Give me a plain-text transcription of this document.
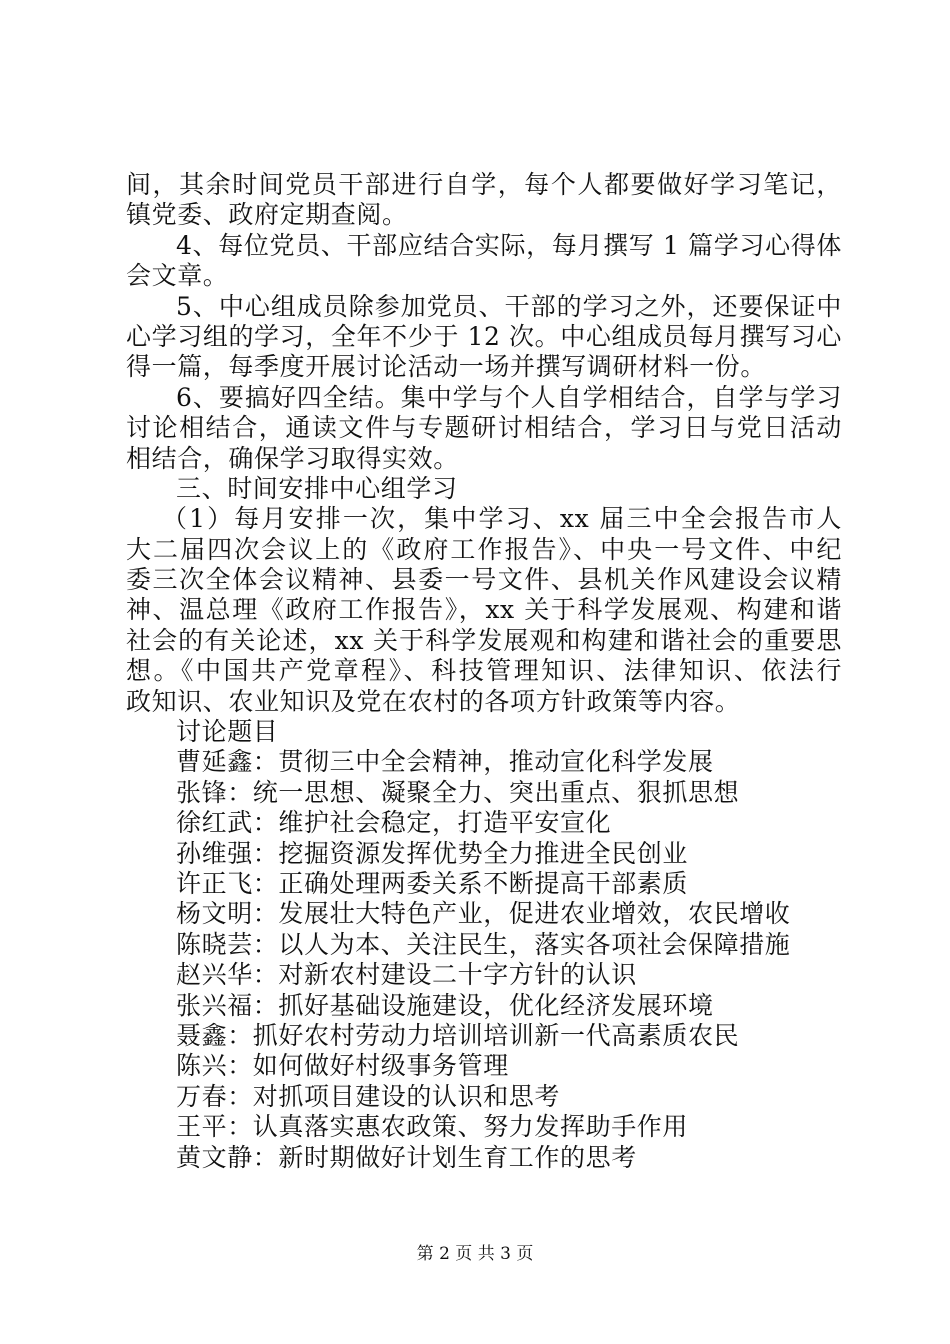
间，其余时间党员干部进行自学，每个人都要做好学习笔记，
镇党委、政府定期查阅。
4、每位党员、干部应结合实际，每月撰写 1 篇学习心得体
会文章。
5、中心组成员除参加党员、干部的学习之外，还要保证中
心学习组的学习，全年不少于 12 次。中心组成员每月撰写习心
得一篇，每季度开展讨论活动一场并撰写调研材料一份。
6、要搞好四全结。集中学与个人自学相结合，自学与学习
讨论相结合，通读文件与专题研讨相结合，学习日与党日活动
相结合，确保学习取得实效。
三、时间安排中心组学习
（1）每月安排一次，集中学习、xx 届三中全会报告市人
大二届四次会议上的《政府工作报告》、中央一号文件、中纪
委三次全体会议精神、县委一号文件、县机关作风建设会议精
神、温总理《政府工作报告》，xx 关于科学发展观、构建和谐
社会的有关论述，xx 关于科学发展观和构建和谐社会的重要思
想。《中国共产党章程》、科技管理知识、法律知识、依法行
政知识、农业知识及党在农村的各项方针政策等内容。
讨论题目
曹延鑫：贯彻三中全会精神，推动宣化科学发展
张锋：统一思想、凝聚全力、突出重点、狠抓思想
徐红武：维护社会稳定，打造平安宣化
孙维强：挖掘资源发挥优势全力推进全民创业
许正飞：正确处理两委关系不断提高干部素质
杨文明：发展壮大特色产业，促进农业增效，农民增收
陈晓芸：以人为本、关注民生，落实各项社会保障措施
赵兴华：对新农村建设二十字方针的认识
张兴福：抓好基础设施建设，优化经济发展环境
聂鑫：抓好农村劳动力培训培训新一代高素质农民
陈兴：如何做好村级事务管理
万春：对抓项目建设的认识和思考
王平：认真落实惠农政策、努力发挥助手作用
黄文静：新时期做好计划生育工作的思考
第 2 页 共 3 页
